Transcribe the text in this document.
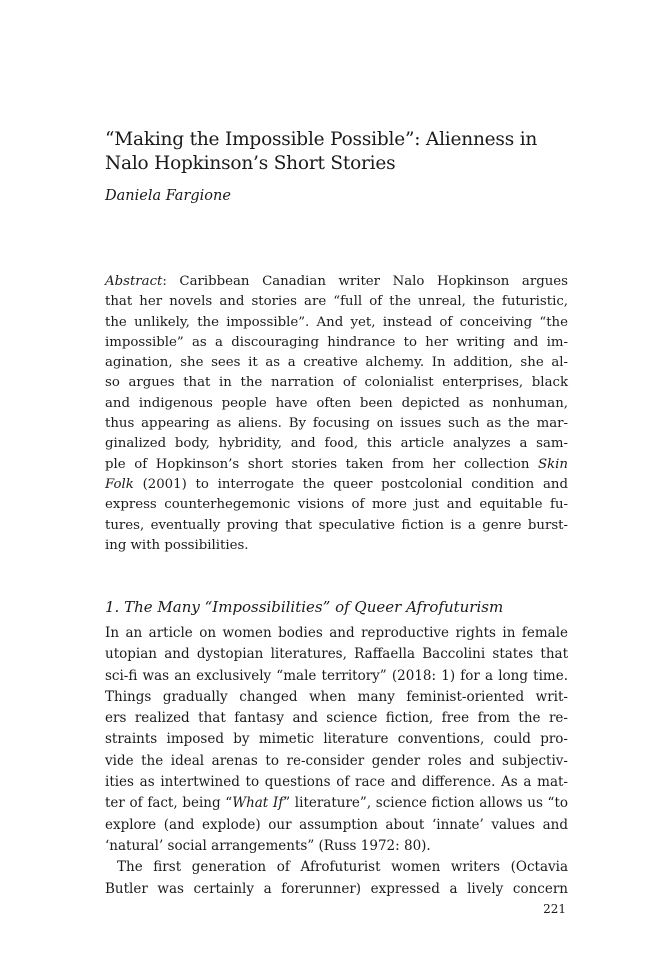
“Making the Impossible Possible”: Alienness in
Nalo Hopkinson’s Short Stories
Daniela Fargione
Abstract: Caribbean Canadian writer Nalo Hopkinson argues
that her novels and stories are “full of the unreal, the futuristic,
the unlikely, the impossible”. And yet, instead of conceiving “the
impossible” as a discouraging hindrance to her writing and im-
agination, she sees it as a creative alchemy. In addition, she al-
so argues that in the narration of colonialist enterprises, black
and indigenous people have often been depicted as nonhuman,
thus appearing as aliens. By focusing on issues such as the mar-
ginalized body, hybridity, and food, this article analyzes a sam-
ple of Hopkinson’s short stories taken from her collection Skin
Folk (2001) to interrogate the queer postcolonial condition and
express counterhegemonic visions of more just and equitable fu-
tures, eventually proving that speculative fiction is a genre burst-
ing with possibilities.
1. The Many “Impossibilities” of Queer Afrofuturism
In an article on women bodies and reproductive rights in female
utopian and dystopian literatures, Raffaella Baccolini states that
sci-fi was an exclusively “male territory” (2018: 1) for a long time.
Things gradually changed when many feminist-oriented writ-
ers realized that fantasy and science fiction, free from the re-
straints imposed by mimetic literature conventions, could pro-
vide the ideal arenas to re-consider gender roles and subjectiv-
ities as intertwined to questions of race and difference. As a mat-
ter of fact, being “What If” literature”, science fiction allows us “to
explore (and explode) our assumption about ‘innate’ values and
‘natural’ social arrangements” (Russ 1972: 80).
The first generation of Afrofuturist women writers (Octavia
Butler was certainly a forerunner) expressed a lively concern
221
